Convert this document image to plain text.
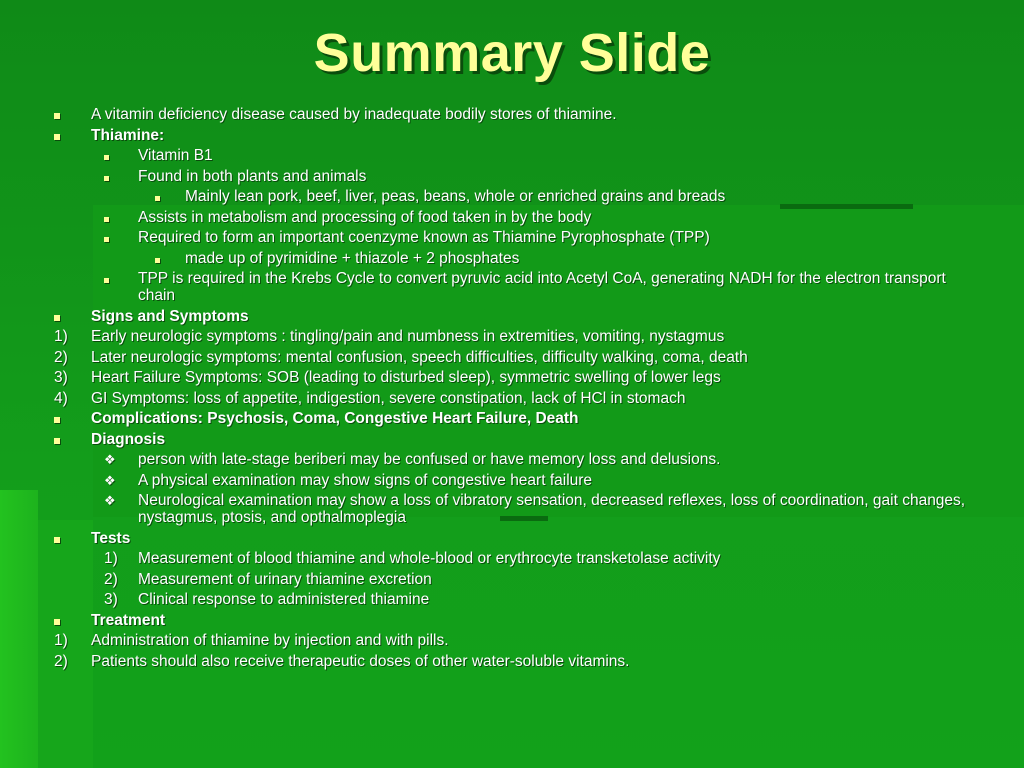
Summary Slide
A vitamin deficiency disease caused by inadequate bodily stores of thiamine.
Thiamine:
Vitamin B1
Found in both plants and animals
Mainly lean pork, beef, liver, peas, beans, whole or enriched grains and breads
Assists in metabolism and processing of food taken in by the body
Required to form an important coenzyme known as Thiamine Pyrophosphate (TPP)
made up of pyrimidine + thiazole + 2 phosphates
TPP is required in the Krebs Cycle to convert pyruvic acid into Acetyl CoA, generating NADH for the electron transport chain
Signs and Symptoms
1)	Early neurologic symptoms : tingling/pain and numbness in extremities, vomiting, nystagmus
2)	Later neurologic symptoms: mental confusion, speech difficulties, difficulty walking, coma, death
3)	Heart Failure Symptoms: SOB (leading to disturbed sleep), symmetric swelling of lower legs
4)	GI Symptoms: loss of appetite, indigestion, severe constipation, lack of HCl in stomach
Complications: Psychosis, Coma, Congestive Heart Failure, Death
Diagnosis
❖	person with late-stage beriberi may be confused or have memory loss and delusions.
❖	A physical examination may show signs of congestive heart failure
❖	Neurological examination may show a loss of vibratory sensation, decreased reflexes, loss of coordination, gait changes, nystagmus, ptosis, and opthalmoplegia
Tests
1)	Measurement of blood thiamine and whole-blood or erythrocyte transketolase activity
2)	Measurement of urinary thiamine excretion
3)	Clinical response to administered thiamine
Treatment
1)	Administration of thiamine by injection and with pills.
2)	Patients should also receive therapeutic doses of other water-soluble vitamins.
